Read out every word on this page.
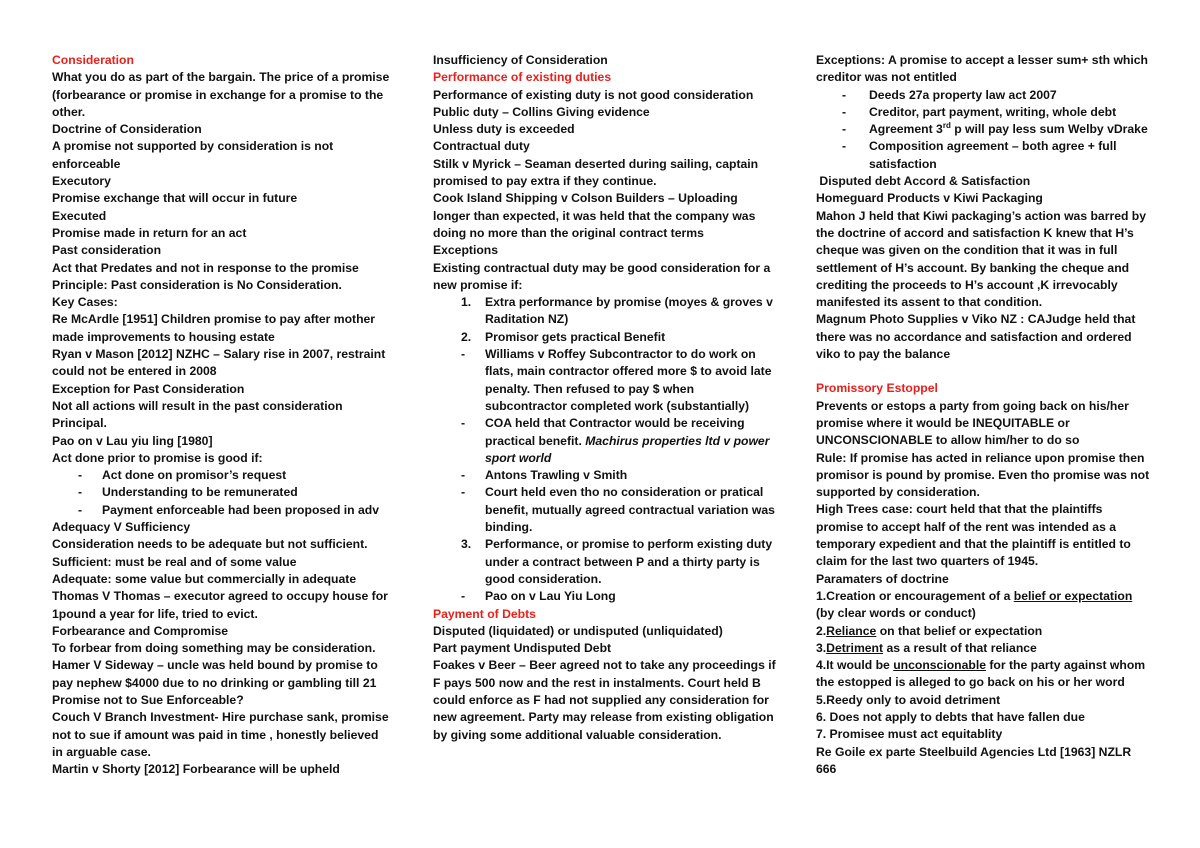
Consideration

What you do as part of the bargain. The price of a promise (forbearance or promise in exchange for a promise to the other.

Doctrine of Consideration

A promise not supported by consideration is not enforceable

Executory

Promise exchange that will occur in future

Executed

Promise made in return for an act

Past consideration

Act that Predates and not in response to the promise

Principle: Past consideration is No Consideration.

Key Cases:

Re McArdle [1951] Children promise to pay after mother made improvements to housing estate

Ryan v Mason [2012] NZHC – Salary rise in 2007, restraint could not be entered in 2008

Exception for Past Consideration

Not all actions will result in the past consideration Principal.

Pao on v Lau yiu ling [1980]

Act done prior to promise is good if:

-	Act done on promisor’s request
-	Understanding to be remunerated
-	Payment enforceable had been proposed in adv

Adequacy V Sufficiency

Consideration needs to be adequate but not sufficient.

Sufficient: must be real and of some value

Adequate: some value but commercially in adequate

Thomas V Thomas – executor agreed to occupy house for 1pound a year for life, tried to evict.

Forbearance and Compromise

To forbear from doing something may be consideration.

Hamer V Sideway – uncle was held bound by promise to pay nephew $4000 due to no drinking or gambling till 21

Promise not to Sue Enforceable?

Couch V Branch Investment- Hire purchase sank, promise not to sue if amount was paid in time , honestly believed in arguable case.

Martin v Shorty [2012] Forbearance will be upheld

Insufficiency of Consideration

Performance of existing duties

Performance of existing duty is not good consideration

Public duty – Collins Giving evidence

Unless duty is exceeded

Contractual duty

Stilk v Myrick – Seaman deserted during sailing, captain promised to pay extra if they continue.

Cook Island Shipping v Colson Builders – Uploading longer than expected, it was held that the company was doing no more than the original contract terms

Exceptions

Existing contractual duty may be good consideration for a new promise if:

1.	Extra performance by promise (moyes & groves v Raditation NZ)
2.	Promisor gets practical Benefit
-	Williams v Roffey Subcontractor to do work on flats, main contractor offered more $ to avoid late penalty. Then refused to pay $ when subcontractor completed work (substantially)
-	COA held that Contractor would be receiving practical benefit. Machirus properties ltd v power sport world
-	Antons Trawling v Smith
-	Court held even tho no consideration or pratical benefit, mutually agreed contractual variation was binding.
3.	Performance, or promise to perform existing duty under a contract between P and a thirty party is good consideration.
-	Pao on v Lau Yiu Long

Payment of Debts

Disputed (liquidated) or undisputed (unliquidated)

Part payment Undisputed Debt

Foakes v Beer – Beer agreed not to take any proceedings if F pays 500 now and the rest in instalments. Court held B could enforce as F had not supplied any consideration for new agreement. Party may release from existing obligation by giving some additional valuable consideration.

Exceptions: A promise to accept a lesser sum+ sth which creditor was not entitled

-	Deeds 27a property law act 2007
-	Creditor, part payment, writing, whole debt
-	Agreement 3rd p will pay less sum Welby vDrake
-	Composition agreement – both agree + full satisfaction

Disputed debt Accord & Satisfaction

Homeguard Products v Kiwi Packaging

Mahon J held that Kiwi packaging’s action was barred by the doctrine of accord and satisfaction K knew that H’s cheque was given on the condition that it was in full settlement of H’s account. By banking the cheque and crediting the proceeds to H’s account ,K irrevocably manifested its assent to that condition.

Magnum Photo Supplies v Viko NZ : CAJudge held that there was no accordance and satisfaction and ordered viko to pay the balance

Promissory Estoppel

Prevents or estops a party from going back on his/her promise where it would be INEQUITABLE or UNCONSCIONABLE to allow him/her to do so

Rule: If promise has acted in reliance upon promise then promisor is pound by promise. Even tho promise was not supported by consideration.

High Trees case: court held that that the plaintiffs promise to accept half of the rent was intended as a temporary expedient and that the plaintiff is entitled to claim for the last two quarters of 1945.

Paramaters of doctrine

1.Creation or encouragement of a belief or expectation (by clear words or conduct)

2.Reliance on that belief or expectation

3.Detriment as a result of that reliance

4.It would be unconscionable for the party against whom the estopped is alleged to go back on his or her word

5.Reedy only to avoid detriment

6. Does not apply to debts that have fallen due

7. Promisee must act equitablity

Re Goile ex parte Steelbuild Agencies Ltd [1963] NZLR 666
